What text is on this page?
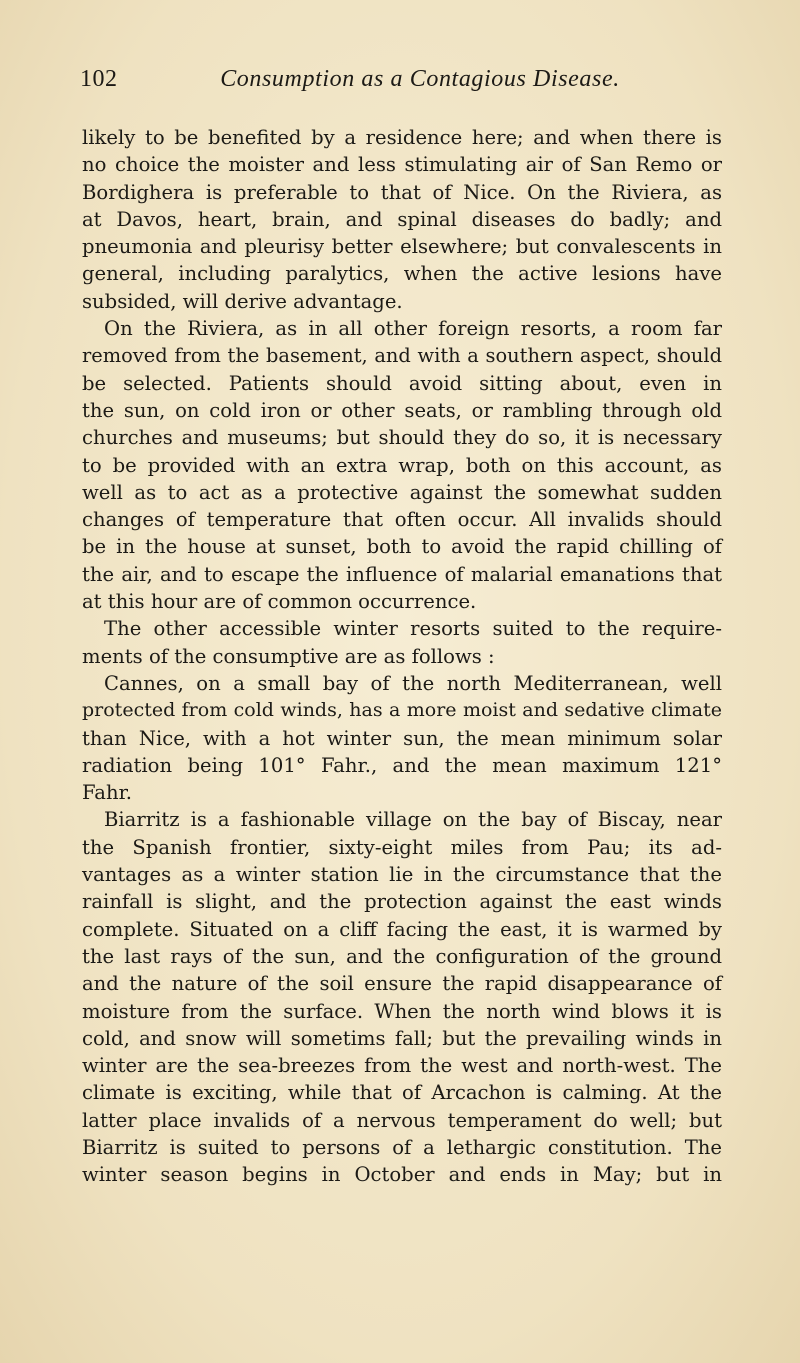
102	Consumption as a Contagious Disease.
likely to be benefited by a residence here; and when there is
no choice the moister and less stimulating air of San Remo or
Bordighera is preferable to that of Nice. On the Riviera, as
at Davos, heart, brain, and spinal diseases do badly; and
pneumonia and pleurisy better elsewhere; but convalescents in
general, including paralytics, when the active lesions have
subsided, will derive advantage.
On the Riviera, as in all other foreign resorts, a room far
removed from the basement, and with a southern aspect, should
be selected. Patients should avoid sitting about, even in
the sun, on cold iron or other seats, or rambling through old
churches and museums; but should they do so, it is necessary
to be provided with an extra wrap, both on this account, as
well as to act as a protective against the somewhat sudden
changes of temperature that often occur. All invalids should
be in the house at sunset, both to avoid the rapid chilling of
the air, and to escape the influence of malarial emanations that
at this hour are of common occurrence.
The other accessible winter resorts suited to the require-
ments of the consumptive are as follows :
Cannes, on a small bay of the north Mediterranean, well
protected from cold winds, has a more moist and sedative climate
than Nice, with a hot winter sun, the mean minimum solar
radiation being 101° Fahr., and the mean maximum 121°
Fahr.
Biarritz is a fashionable village on the bay of Biscay, near
the Spanish frontier, sixty-eight miles from Pau; its ad-
vantages as a winter station lie in the circumstance that the
rainfall is slight, and the protection against the east winds
complete. Situated on a cliff facing the east, it is warmed by
the last rays of the sun, and the configuration of the ground
and the nature of the soil ensure the rapid disappearance of
moisture from the surface. When the north wind blows it is
cold, and snow will sometims fall; but the prevailing winds in
winter are the sea-breezes from the west and north-west. The
climate is exciting, while that of Arcachon is calming. At the
latter place invalids of a nervous temperament do well; but
Biarritz is suited to persons of a lethargic constitution. The
winter season begins in October and ends in May; but in
